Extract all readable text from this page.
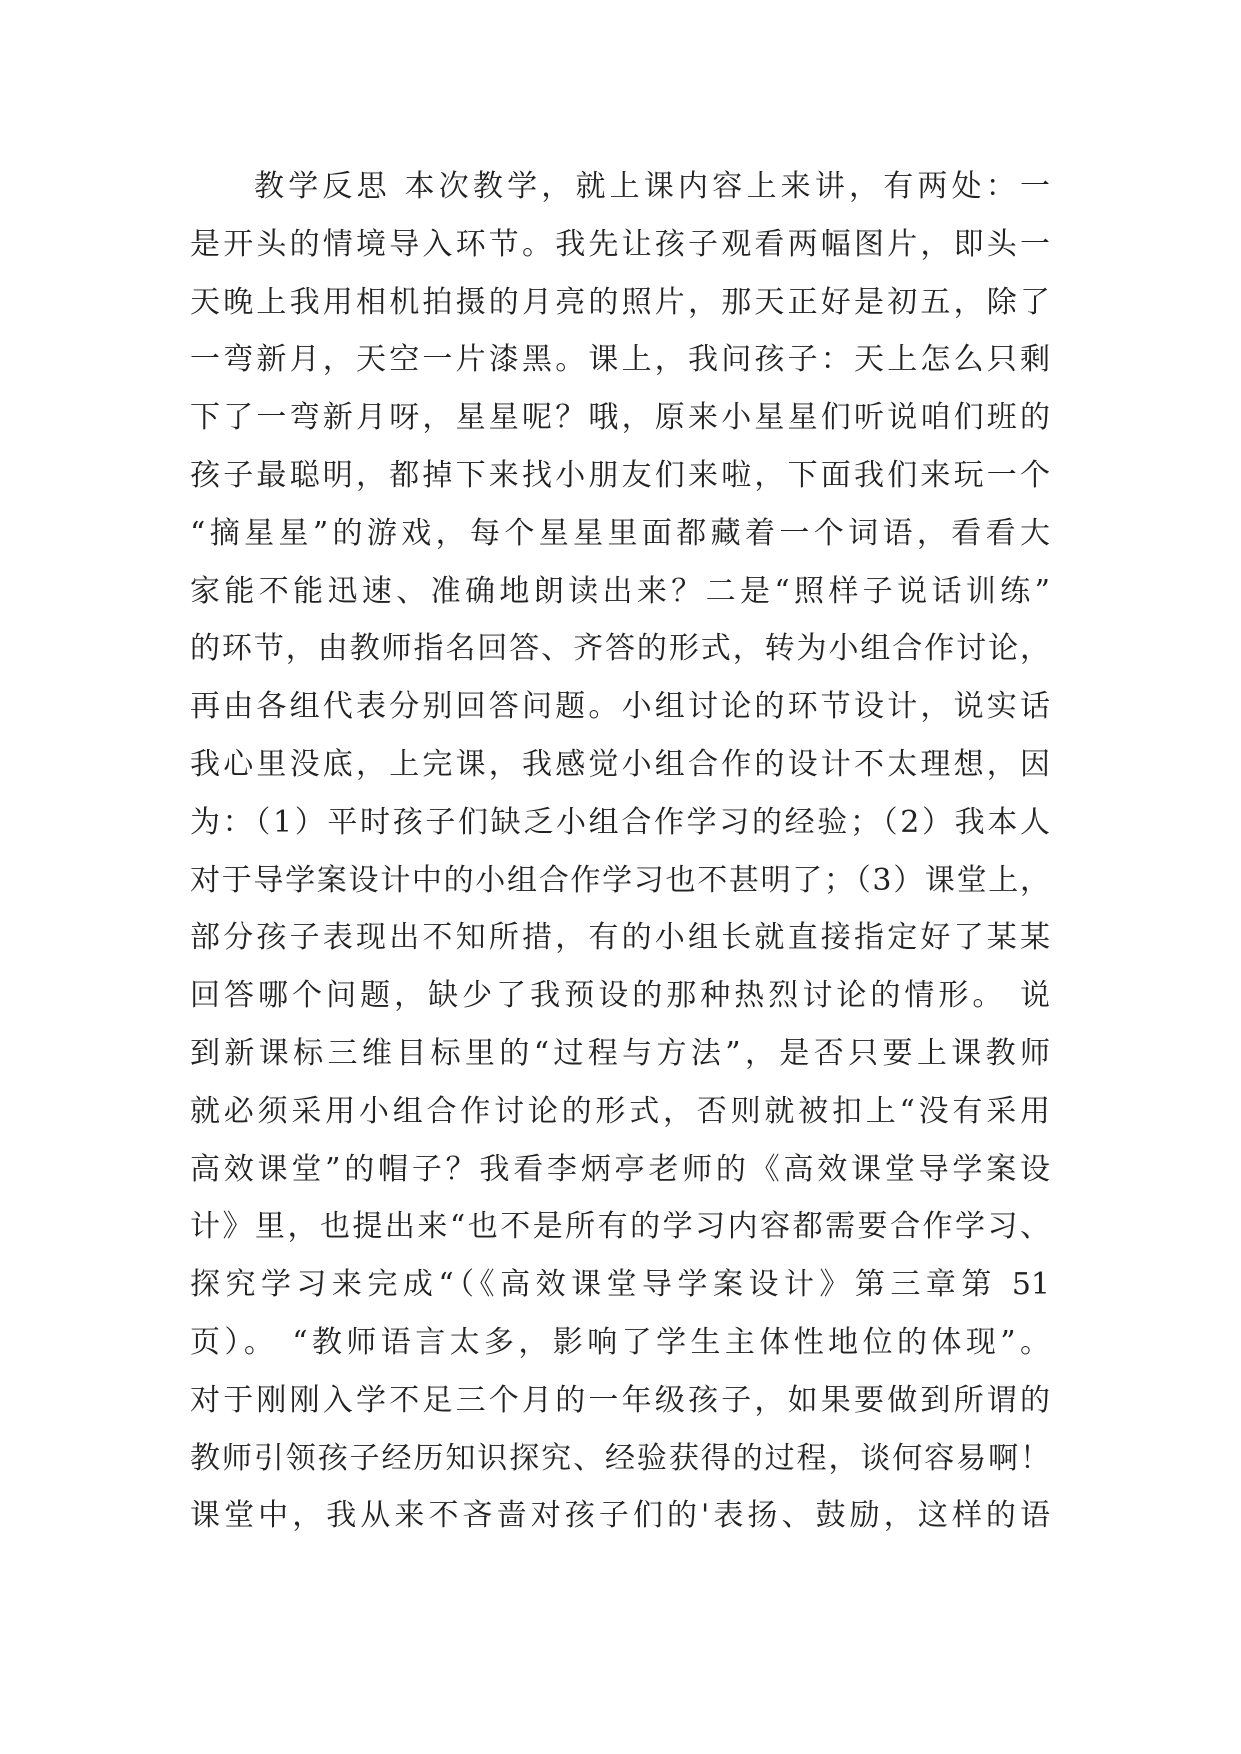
教学反思 本次教学，就上课内容上来讲，有两处：一
是开头的情境导入环节。我先让孩子观看两幅图片，即头一
天晚上我用相机拍摄的月亮的照片，那天正好是初五，除了
一弯新月，天空一片漆黑。课上，我问孩子：天上怎么只剩
下了一弯新月呀，星星呢？哦，原来小星星们听说咱们班的
孩子最聪明，都掉下来找小朋友们来啦，下面我们来玩一个
“摘星星”的游戏，每个星星里面都藏着一个词语，看看大
家能不能迅速、准确地朗读出来？二是“照样子说话训练”
的环节，由教师指名回答、齐答的形式，转为小组合作讨论，
再由各组代表分别回答问题。小组讨论的环节设计，说实话
我心里没底，上完课，我感觉小组合作的设计不太理想，因
为：（1）平时孩子们缺乏小组合作学习的经验；（2）我本人
对于导学案设计中的小组合作学习也不甚明了；（3）课堂上，
部分孩子表现出不知所措，有的小组长就直接指定好了某某
回答哪个问题，缺少了我预设的那种热烈讨论的情形。 说
到新课标三维目标里的“过程与方法”，是否只要上课教师
就必须采用小组合作讨论的形式，否则就被扣上“没有采用
高效课堂”的帽子？我看李炳亭老师的《高效课堂导学案设
计》里，也提出来“也不是所有的学习内容都需要合作学习、
探究学习来完成“（《高效课堂导学案设计》第三章第 51
页）。 “教师语言太多，影响了学生主体性地位的体现”。
对于刚刚入学不足三个月的一年级孩子，如果要做到所谓的
教师引领孩子经历知识探究、经验获得的过程，谈何容易啊！
课堂中，我从来不吝啬对孩子们的'表扬、鼓励，这样的语
